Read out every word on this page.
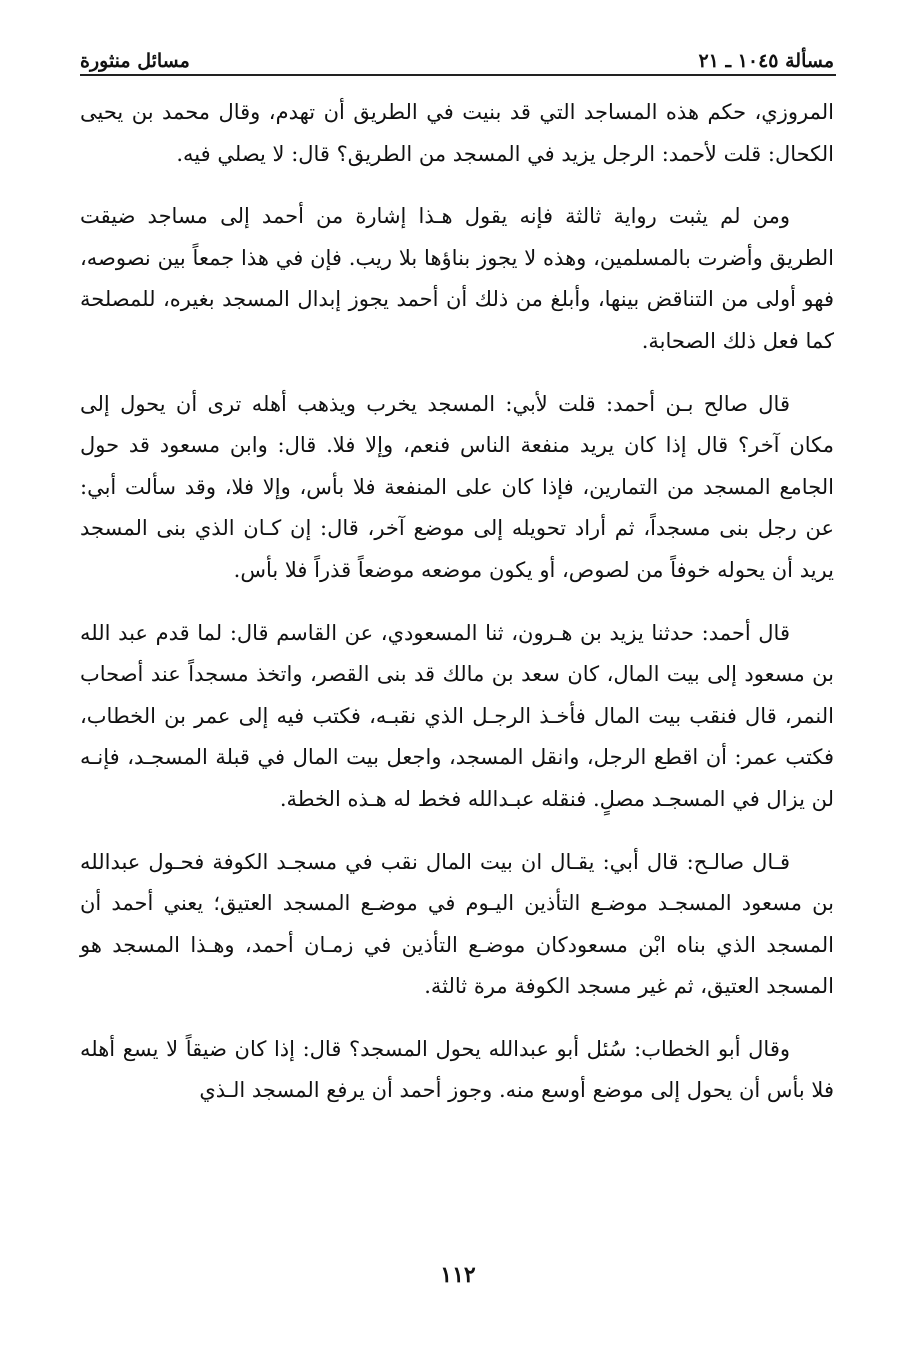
مسألة ١٠٤٥ ـ ٢١
مسائل منثورة

المروزي، حكم هذه المساجد التي قد بنيت في الطريق أن تهدم، وقال محمد بن يحيى الكحال: قلت لأحمد: الرجل يزيد في المسجد من الطريق؟ قال: لا يصلي فيه.

ومن لم يثبت رواية ثالثة فإنه يقول هـذا إشارة من أحمد إلى مساجد ضيقت الطريق وأضرت بالمسلمين، وهذه لا يجوز بناؤها بلا ريب. فإن في هذا جمعاً بين نصوصه، فهو أولى من التناقض بينها، وأبلغ من ذلك أن أحمد يجوز إبدال المسجد بغيره، للمصلحة كما فعل ذلك الصحابة.

قال صالح بـن أحمد: قلت لأبي: المسجد يخرب ويذهب أهله ترى أن يحول إلى مكان آخر؟ قال إذا كان يريد منفعة الناس فنعم، وإلا فلا. قال: وابن مسعود قد حول الجامع المسجد من التمارين، فإذا كان على المنفعة فلا بأس، وإلا فلا، وقد سألت أبي: عن رجل بنى مسجداً، ثم أراد تحويله إلى موضع آخر، قال: إن كـان الذي بنى المسجد يريد أن يحوله خوفاً من لصوص، أو يكون موضعه موضعاً قذراً فلا بأس.

قال أحمد: حدثنا يزيد بن هـرون، ثنا المسعودي، عن القاسم قال: لما قدم عبد الله بن مسعود إلى بيت المال، كان سعد بن مالك قد بنى القصر، واتخذ مسجداً عند أصحاب النمر، قال فنقب بيت المال فأخـذ الرجـل الذي نقبـه، فكتب فيه إلى عمر بن الخطاب، فكتب عمر: أن اقطع الرجل، وانقل المسجد، واجعل بيت المال في قبلة المسجـد، فإنـه لن يزال في المسجـد مصلٍ. فنقله عبـدالله فخط له هـذه الخطة.

قـال صالـح: قال أبي: يقـال ان بيت المال نقب في مسجـد الكوفة فحـول عبدالله بن مسعود المسجـد موضـع التأذين اليـوم في موضـع المسجد العتيق؛ يعني أحمد أن المسجد الذي بناه ابْن مسعودكان موضـع التأذين في زمـان أحمد، وهـذا المسجد هو المسجد العتيق، ثم غير مسجد الكوفة مرة ثالثة.

وقال أبو الخطاب: سُئل أبو عبدالله يحول المسجد؟ قال: إذا كان ضيقاً لا يسع أهله فلا بأس أن يحول إلى موضع أوسع منه. وجوز أحمد أن يرفع المسجد الـذي

١١٢
